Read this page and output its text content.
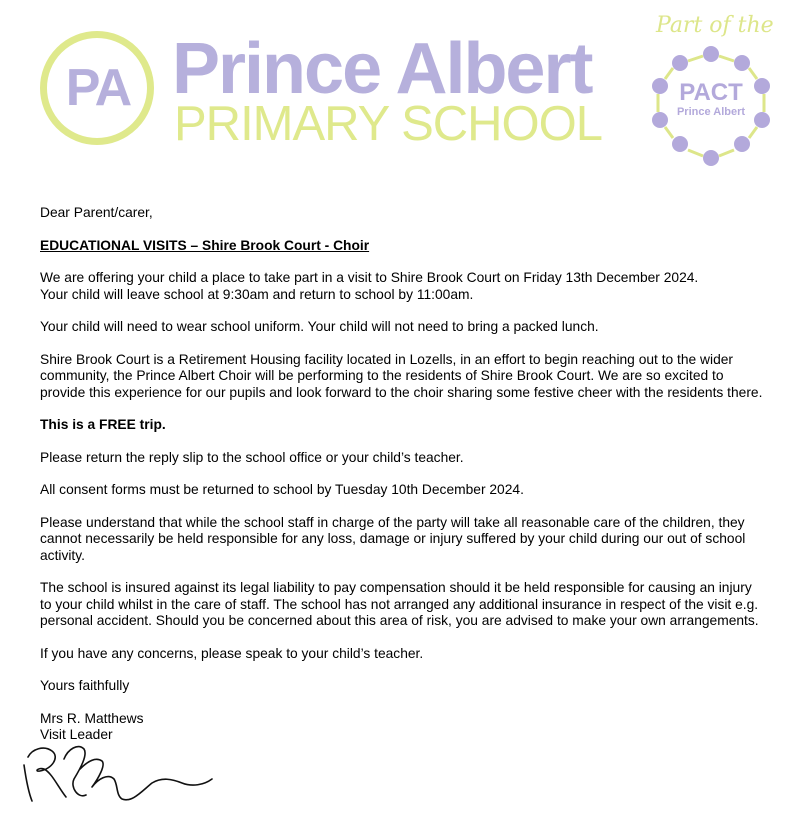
PA Prince Albert
PRIMARY SCHOOL
Part of the
PACT
Prince Albert

Dear Parent/carer,

EDUCATIONAL VISITS – Shire Brook Court - Choir

We are offering your child a place to take part in a visit to Shire Brook Court on Friday 13th December 2024.

Your child will leave school at 9:30am and return to school by 11:00am.

Your child will need to wear school uniform. Your child will not need to bring a packed lunch.

Shire Brook Court is a Retirement Housing facility located in Lozells, in an effort to begin reaching out to the wider

community, the Prince Albert Choir will be performing to the residents of Shire Brook Court. We are so excited to

provide this experience for our pupils and look forward to the choir sharing some festive cheer with the residents there.

This is a FREE trip.

Please return the reply slip to the school office or your child’s teacher.

All consent forms must be returned to school by Tuesday 10th December 2024.

Please understand that while the school staff in charge of the party will take all reasonable care of the children, they

cannot necessarily be held responsible for any loss, damage or injury suffered by your child during our out of school

activity.

The school is insured against its legal liability to pay compensation should it be held responsible for causing an injury

to your child whilst in the care of staff. The school has not arranged any additional insurance in respect of the visit e.g.

personal accident. Should you be concerned about this area of risk, you are advised to make your own arrangements.

If you have any concerns, please speak to your child’s teacher.

Yours faithfully

Mrs R. Matthews

Visit Leader
